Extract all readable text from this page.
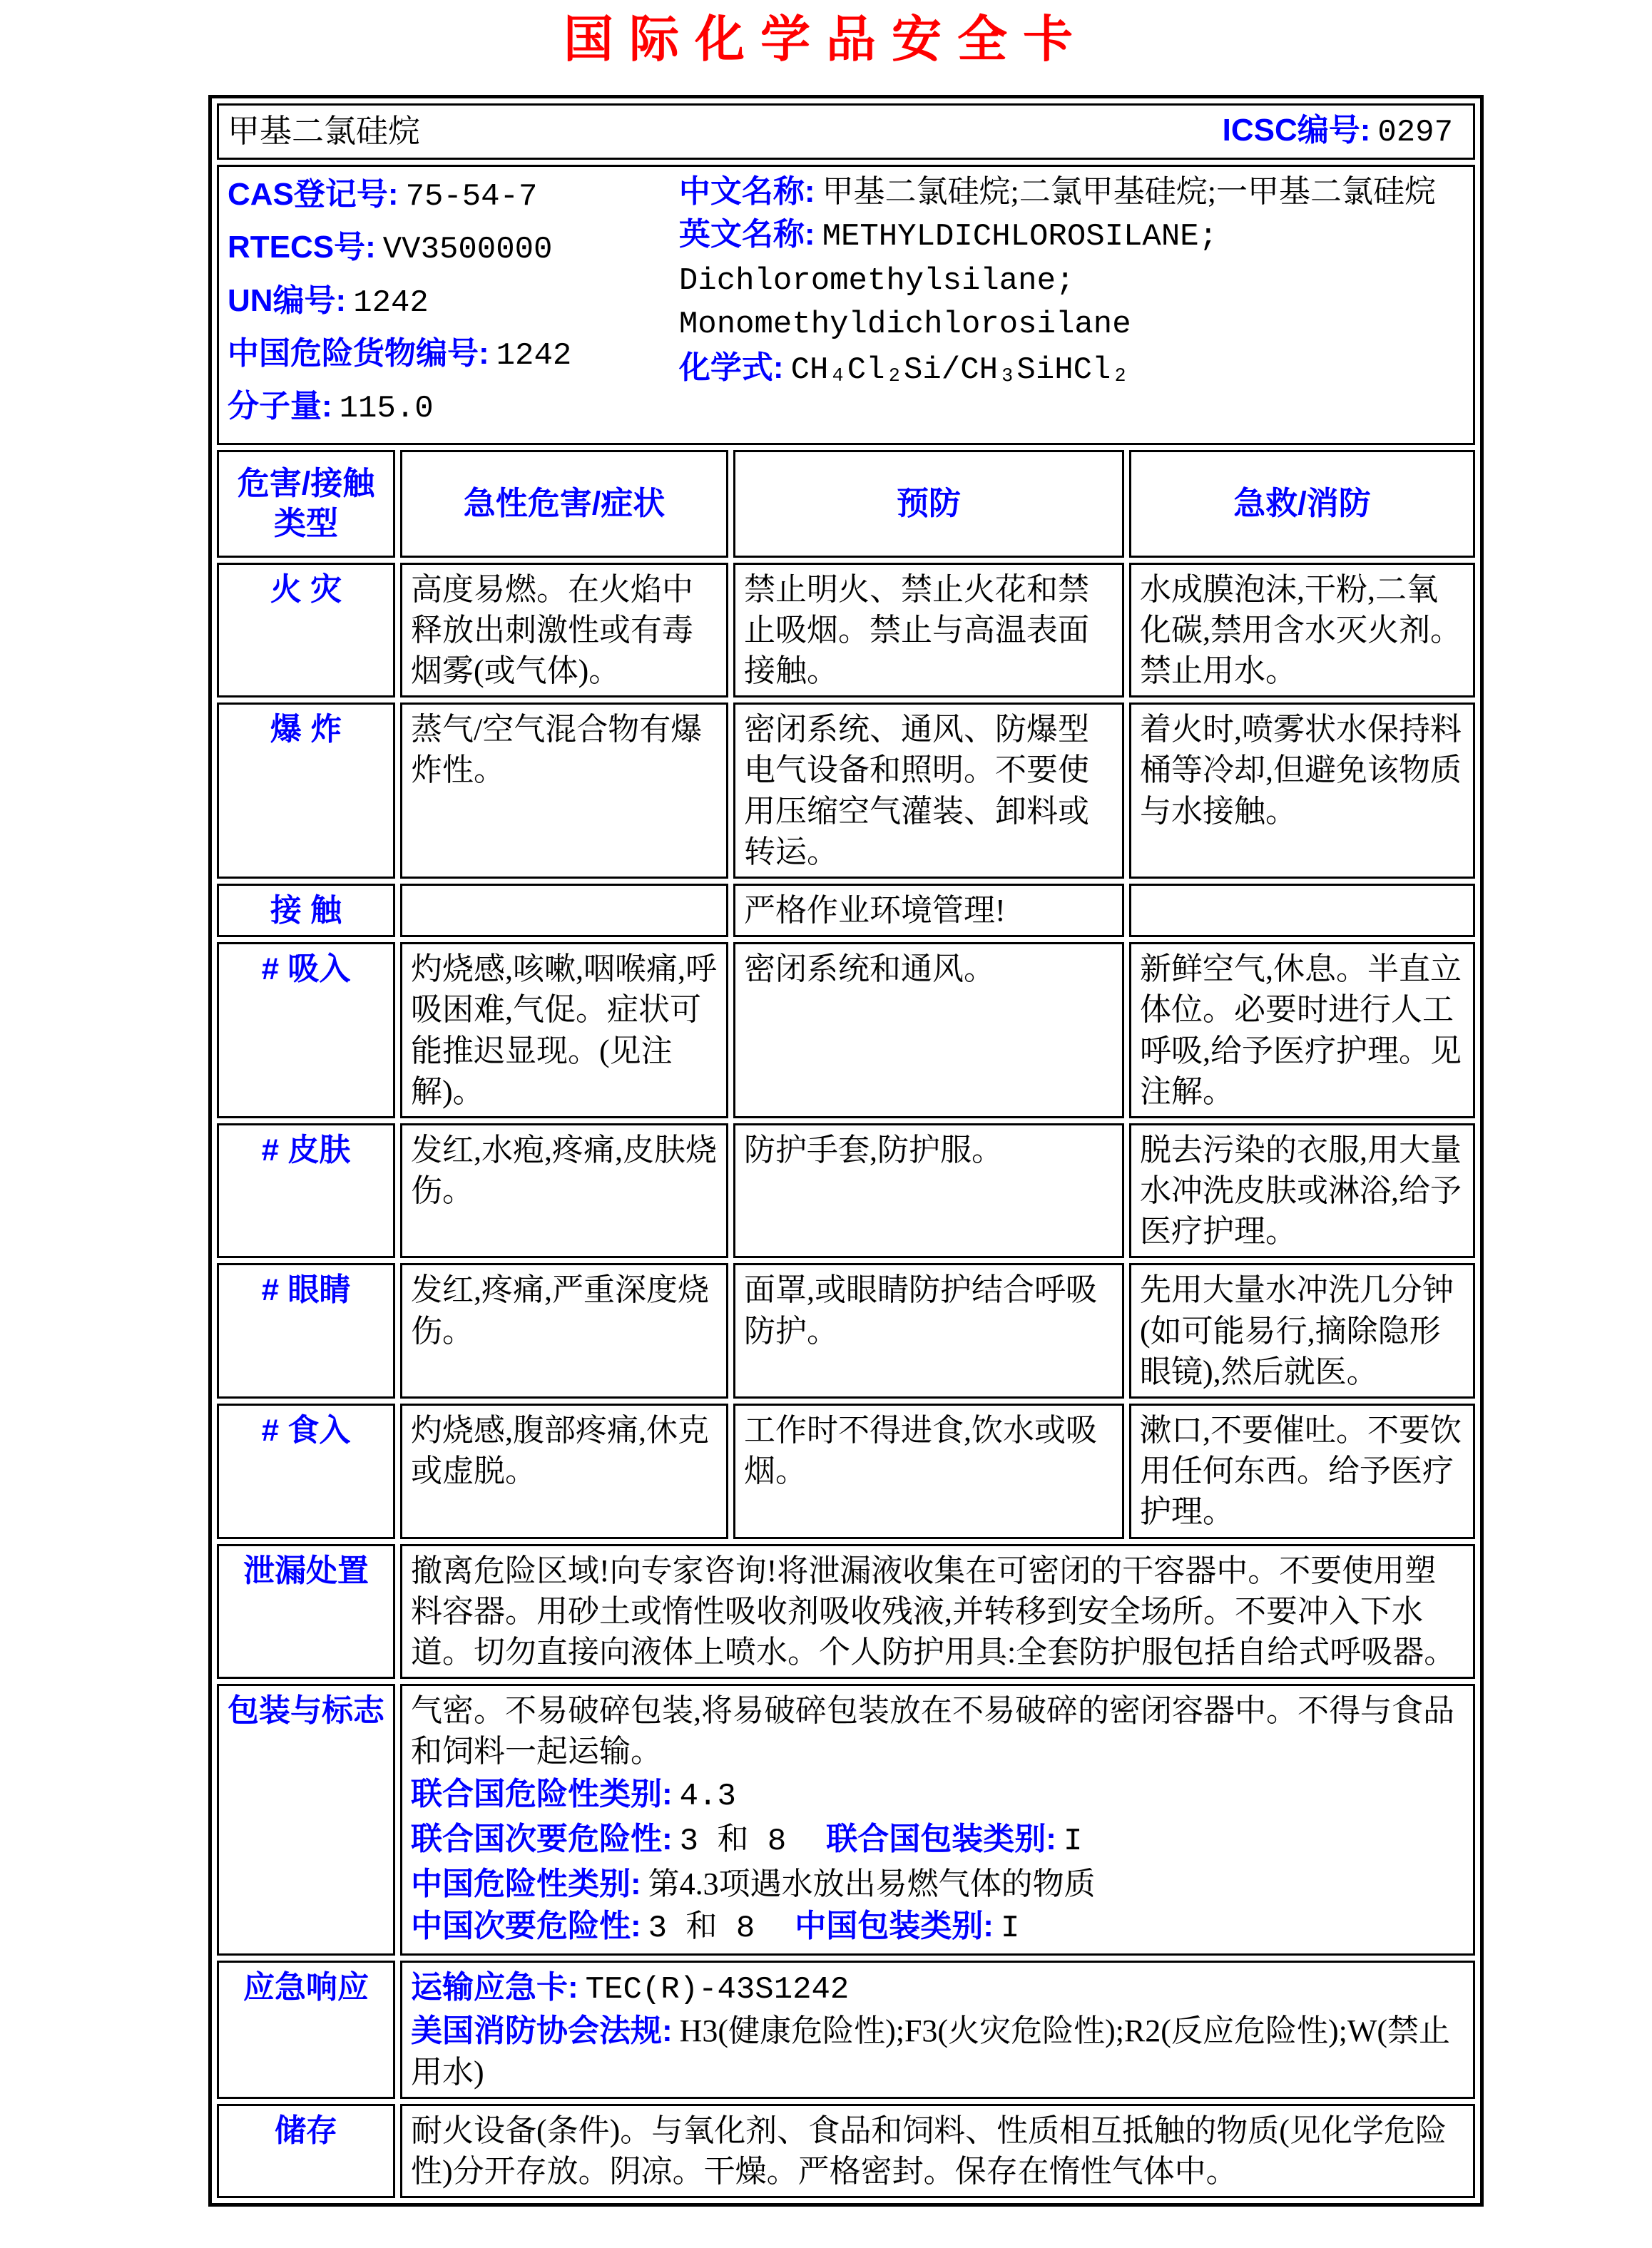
国际化学品安全卡
甲基二氯硅烷 ICSC编号: 0297			

CAS登记号: 75-54-7
RTECS号: VV3500000
UN编号: 1242
中国危险货物编号: 1242
分子量: 115.0
中文名称: 甲基二氯硅烷;二氯甲基硅烷;一甲基二氯硅烷
英文名称: METHYLDICHLOROSILANE; Dichloromethylsilane; Monomethyldichlorosilane
化学式: CH₄Cl₂Si/CH₃SiHCl₂

危害/接触类型	急性危害/症状	预防	急救/消防
火 灾	高度易燃。在火焰中释放出刺激性或有毒烟雾(或气体)。	禁止明火、禁止火花和禁止吸烟。禁止与高温表面接触。	水成膜泡沫,干粉,二氧化碳,禁用含水灭火剂。禁止用水。
爆 炸	蒸气/空气混合物有爆炸性。	密闭系统、通风、防爆型电气设备和照明。不要使用压缩空气灌装、卸料或转运。	着火时,喷雾状水保持料桶等冷却,但避免该物质与水接触。
接 触		严格作业环境管理!	
# 吸入	灼烧感,咳嗽,咽喉痛,呼吸困难,气促。症状可能推迟显现。(见注解)。	密闭系统和通风。	新鲜空气,休息。半直立体位。必要时进行人工呼吸,给予医疗护理。见注解。
# 皮肤	发红,水疱,疼痛,皮肤烧伤。	防护手套,防护服。	脱去污染的衣服,用大量水冲洗皮肤或淋浴,给予医疗护理。
# 眼睛	发红,疼痛,严重深度烧伤。	面罩,或眼睛防护结合呼吸防护。	先用大量水冲洗几分钟(如可能易行,摘除隐形眼镜),然后就医。
# 食入	灼烧感,腹部疼痛,休克或虚脱。	工作时不得进食,饮水或吸烟。	漱口,不要催吐。不要饮用任何东西。给予医疗护理。
泄漏处置	撤离危险区域!向专家咨询!将泄漏液收集在可密闭的干容器中。不要使用塑料容器。用砂土或惰性吸收剂吸收残液,并转移到安全场所。不要冲入下水道。切勿直接向液体上喷水。个人防护用具:全套防护服包括自给式呼吸器。		
包装与标志	气密。不易破碎包装,将易破碎包装放在不易破碎的密闭容器中。不得与食品和饲料一起运输。
联合国危险性类别: 4.3
联合国次要危险性: 3 和 8 联合国包装类别: I
中国危险性类别: 第4.3项遇水放出易燃气体的物质
中国次要危险性: 3 和 8 中国包装类别: I		

应急响应	运输应急卡: TEC(R)-43S1242
美国消防协会法规: H3(健康危险性);F3(火灾危险性);R2(反应危险性);W(禁止用水)		

储存	耐火设备(条件)。与氧化剂、食品和饲料、性质相互抵触的物质(见化学危险性)分开存放。阴凉。干燥。严格密封。保存在惰性气体中。		
